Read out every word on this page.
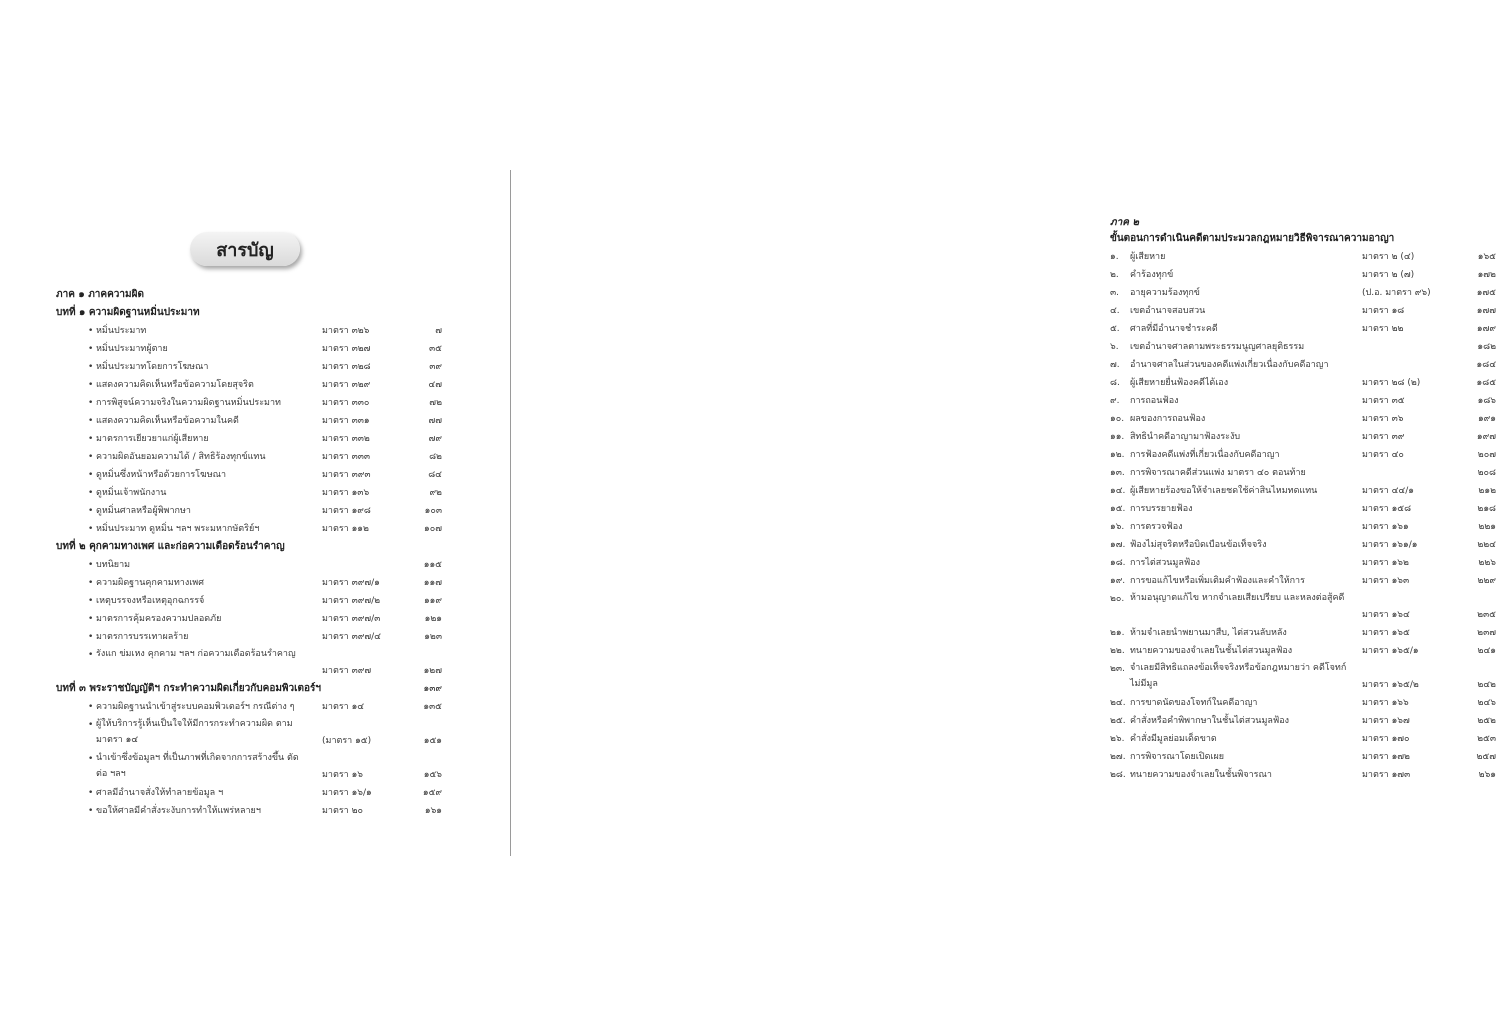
สารบัญ
ภาค ๑ ภาคความผิด
บทที่ ๑ ความผิดฐานหมิ่นประมาท
• หมิ่นประมาท	มาตรา ๓๒๖	๗
• หมิ่นประมาทผู้ตาย	มาตรา ๓๒๗	๓๕
• หมิ่นประมาทโดยการโฆษณา	มาตรา ๓๒๘	๓๙
• แสดงความคิดเห็นหรือข้อความโดยสุจริต	มาตรา ๓๒๙	๔๗
• การพิสูจน์ความจริงในความผิดฐานหมิ่นประมาท	มาตรา ๓๓๐	๗๒
• แสดงความคิดเห็นหรือข้อความในคดี	มาตรา ๓๓๑	๗๗
• มาตรการเยียวยาแก่ผู้เสียหาย	มาตรา ๓๓๒	๗๙
• ความผิดอันยอมความได้ / สิทธิร้องทุกข์แทน	มาตรา ๓๓๓	๘๒
• ดูหมิ่นซึ่งหน้าหรือด้วยการโฆษณา	มาตรา ๓๙๓	๘๔
• ดูหมิ่นเจ้าพนักงาน	มาตรา ๑๓๖	๙๒
• ดูหมิ่นศาลหรือผู้พิพากษา	มาตรา ๑๙๘	๑๐๓
• หมิ่นประมาท ดูหมิ่น ฯลฯ พระมหากษัตริย์ฯ	มาตรา ๑๑๒	๑๐๗
บทที่ ๒ คุกคามทางเพศ และก่อความเดือดร้อนรำคาญ
• บทนิยาม	๑๑๕
• ความผิดฐานคุกคามทางเพศ	มาตรา ๓๙๗/๑	๑๑๗
• เหตุบรรจงหรือเหตุอุกฉกรรจ์	มาตรา ๓๙๗/๒	๑๑๙
• มาตรการคุ้มครองความปลอดภัย	มาตรา ๓๙๗/๓	๑๒๑
• มาตรการบรรเทาผลร้าย	มาตรา ๓๙๗/๔	๑๒๓
• รังแก ข่มเหง คุกคาม ฯลฯ ก่อความเดือดร้อนรำคาญ
มาตรา ๓๙๗	๑๒๗
บทที่ ๓ พระราชบัญญัติฯ กระทำความผิดเกี่ยวกับคอมพิวเตอร์ฯ	๑๓๙
• ความผิดฐานนำเข้าสู่ระบบคอมพิวเตอร์ฯ กรณีต่าง ๆ	มาตรา ๑๔	๑๓๕
• ผู้ให้บริการรู้เห็นเป็นใจให้มีการกระทำความผิด ตามมาตรา ๑๔	(มาตรา ๑๕)	๑๕๑
• นำเข้าซึ่งข้อมูลฯ ที่เป็นภาพที่เกิดจากการสร้างขึ้น ตัดต่อ ฯลฯ	มาตรา ๑๖	๑๕๖
• ศาลมีอำนาจสั่งให้ทำลายข้อมูล ฯ	มาตรา ๑๖/๑	๑๕๙
• ขอให้ศาลมีคำสั่งระงับการทำให้แพร่หลายฯ	มาตรา ๒๐	๑๖๑
ภาค ๒
ขั้นตอนการดำเนินคดีตามประมวลกฎหมายวิธีพิจารณาความอาญา
๑. ผู้เสียหาย	มาตรา ๒ (๔)	๑๖๕
๒. คำร้องทุกข์	มาตรา ๒ (๗)	๑๗๒
๓. อายุความร้องทุกข์	(ป.อ. มาตรา ๙๖)	๑๗๕
๔. เขตอำนาจสอบสวน	มาตรา ๑๘	๑๗๗
๕. ศาลที่มีอำนาจชำระคดี	มาตรา ๒๒	๑๗๙
๖. เขตอำนาจศาลตามพระธรรมนูญศาลยุติธรรม	๑๘๒
๗. อำนาจศาลในส่วนของคดีแพ่งเกี่ยวเนื่องกับคดีอาญา	๑๘๔
๘. ผู้เสียหายยื่นฟ้องคดีได้เอง	มาตรา ๒๘ (๒)	๑๘๕
๙. การถอนฟ้อง	มาตรา ๓๕	๑๘๖
๑๐. ผลของการถอนฟ้อง	มาตรา ๓๖	๑๙๑
๑๑. สิทธินำคดีอาญามาฟ้องระงับ	มาตรา ๓๙	๑๙๗
๑๒. การฟ้องคดีแพ่งที่เกี่ยวเนื่องกับคดีอาญา	มาตรา ๔๐	๒๐๗
๑๓. การพิจารณาคดีส่วนแพ่ง มาตรา ๔๐ ตอนท้าย	๒๐๘
๑๔. ผู้เสียหายร้องขอให้จำเลยชดใช้ค่าสินไหมทดแทน	มาตรา ๔๔/๑	๒๑๒
๑๕. การบรรยายฟ้อง	มาตรา ๑๕๘	๒๑๘
๑๖. การตรวจฟ้อง	มาตรา ๑๖๑	๒๒๑
๑๗. ฟ้องไม่สุจริตหรือบิดเบือนข้อเท็จจริง	มาตรา ๑๖๑/๑	๒๒๔
๑๘. การไต่สวนมูลฟ้อง	มาตรา ๑๖๒	๒๒๖
๑๙. การขอแก้ไขหรือเพิ่มเติมคำฟ้องและคำให้การ	มาตรา ๑๖๓	๒๒๙
๒๐. ห้ามอนุญาตแก้ไข หากจำเลยเสียเปรียบ และหลงต่อสู้คดี
มาตรา ๑๖๔	๒๓๕
๒๑. ห้ามจำเลยนำพยานมาสืบ, ไต่สวนลับหลัง	มาตรา ๑๖๕	๒๓๗
๒๒. ทนายความของจำเลยในชั้นไต่สวนมูลฟ้อง	มาตรา ๑๖๕/๑	๒๔๑
๒๓. จำเลยมีสิทธิแถลงข้อเท็จจริงหรือข้อกฎหมายว่า คดีโจทก์ไม่มีมูล	มาตรา ๑๖๕/๒	๒๔๒
๒๔. การขาดนัดของโจทก์ในคดีอาญา	มาตรา ๑๖๖	๒๔๖
๒๕. คำสั่งหรือคำพิพากษาในชั้นไต่สวนมูลฟ้อง	มาตรา ๑๖๗	๒๕๒
๒๖. คำสั่งมีมูลย่อมเด็ดขาด	มาตรา ๑๗๐	๒๕๓
๒๗. การพิจารณาโดยเปิดเผย	มาตรา ๑๗๒	๒๕๗
๒๘. ทนายความของจำเลยในชั้นพิจารณา	มาตรา ๑๗๓	๒๖๑
